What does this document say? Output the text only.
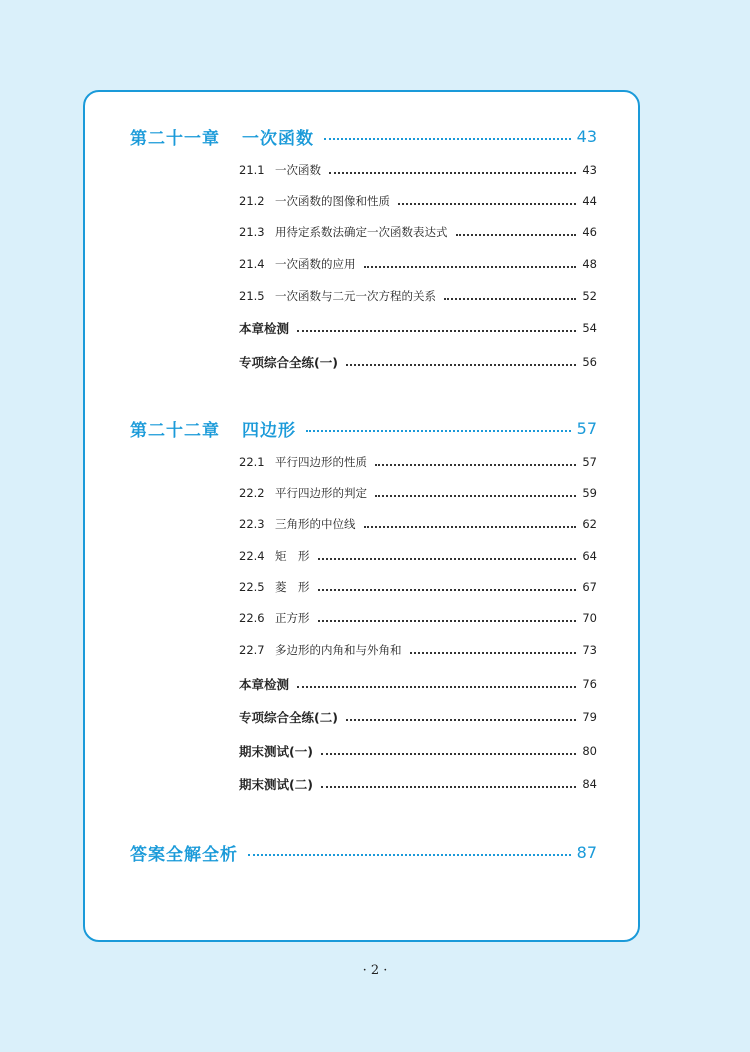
第二十一章 一次函数	43
21.1 一次函数	43
21.2 一次函数的图像和性质	44
21.3 用待定系数法确定一次函数表达式	46
21.4 一次函数的应用	48
21.5 一次函数与二元一次方程的关系	52
本章检测	54
专项综合全练(一)	56
第二十二章 四边形	57
22.1 平行四边形的性质	57
22.2 平行四边形的判定	59
22.3 三角形的中位线	62
22.4 矩　形	64
22.5 菱　形	67
22.6 正方形	70
22.7 多边形的内角和与外角和	73
本章检测	76
专项综合全练(二)	79
期末测试(一)	80
期末测试(二)	84
答案全解全析	87
· 2 ·
